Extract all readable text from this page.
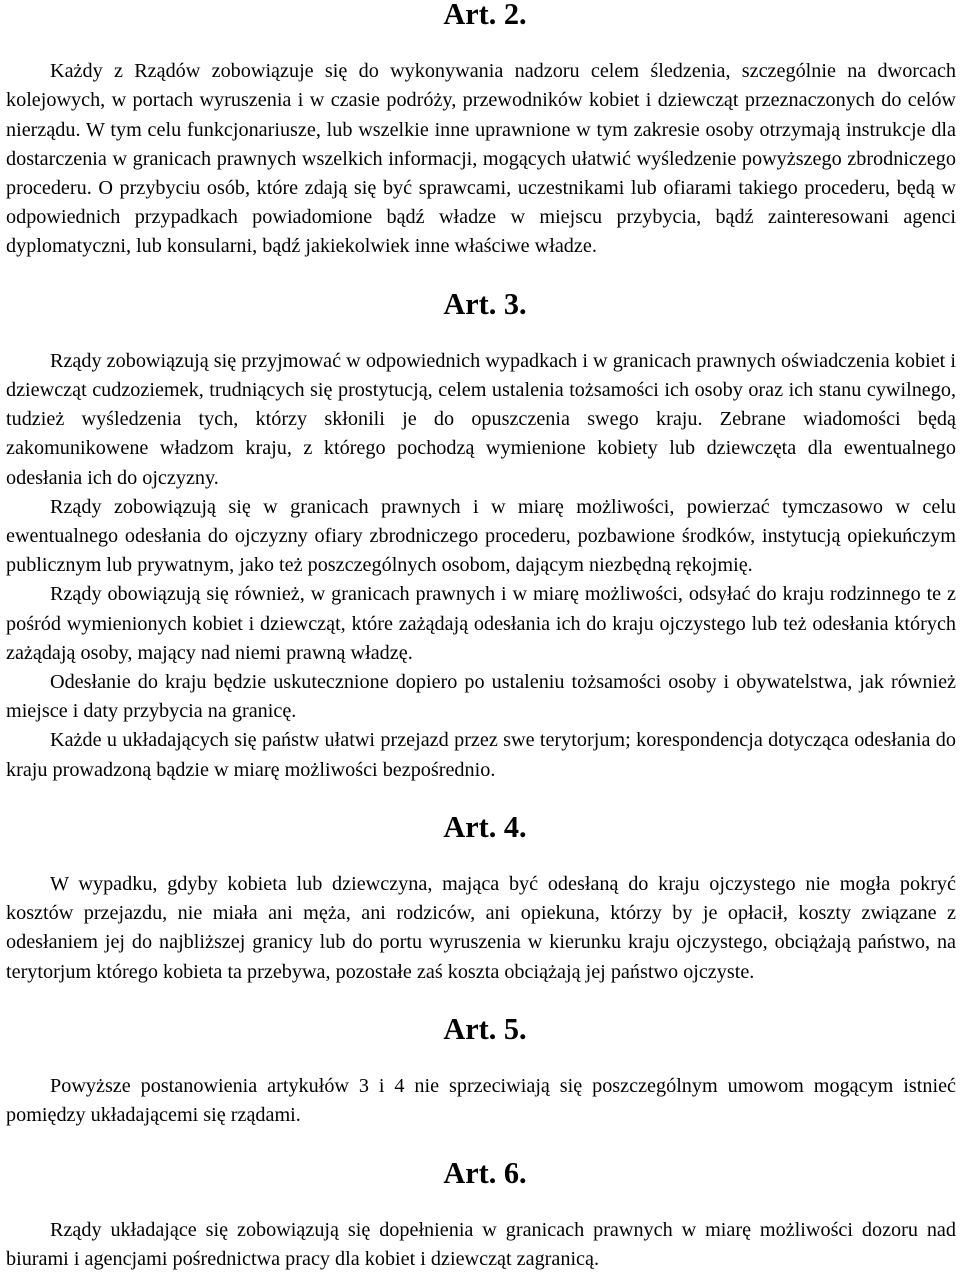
Art. 2.

Każdy z Rządów zobowiązuje się do wykonywania nadzoru celem śledzenia, szczególnie na dworcach kolejowych, w portach wyruszenia i w czasie podróży, przewodników kobiet i dziewcząt przeznaczonych do celów nierządu. W tym celu funkcjonariusze, lub wszelkie inne uprawnione w tym zakresie osoby otrzymają instrukcje dla dostarczenia w granicach prawnych wszelkich informacji, mogących ułatwić wyśledzenie powyższego zbrodniczego procederu. O przybyciu osób, które zdają się być sprawcami, uczestnikami lub ofiarami takiego procederu, będą w odpowiednich przypadkach powiadomione bądź władze w miejscu przybycia, bądź zainteresowani agenci dyplomatyczni, lub konsularni, bądź jakiekolwiek inne właściwe władze.

Art. 3.

Rządy zobowiązują się przyjmować w odpowiednich wypadkach i w granicach prawnych oświadczenia kobiet i dziewcząt cudzoziemek, trudniących się prostytucją, celem ustalenia tożsamości ich osoby oraz ich stanu cywilnego, tudzież wyśledzenia tych, którzy skłonili je do opuszczenia swego kraju. Zebrane wiadomości będą zakomunikowene władzom kraju, z którego pochodzą wymienione kobiety lub dziewczęta dla ewentualnego odesłania ich do ojczyzny.

Rządy zobowiązują się w granicach prawnych i w miarę możliwości, powierzać tymczasowo w celu ewentualnego odesłania do ojczyzny ofiary zbrodniczego procederu, pozbawione środków, instytucją opiekuńczym publicznym lub prywatnym, jako też poszczególnych osobom, dającym niezbędną rękojmię.

Rządy obowiązują się również, w granicach prawnych i w miarę możliwości, odsyłać do kraju rodzinnego te z pośród wymienionych kobiet i dziewcząt, które zażądają odesłania ich do kraju ojczystego lub też odesłania których zażądają osoby, mający nad niemi prawną władzę.

Odesłanie do kraju będzie uskutecznione dopiero po ustaleniu tożsamości osoby i obywatelstwa, jak również miejsce i daty przybycia na granicę.

Każde u układających się państw ułatwi przejazd przez swe terytorjum; korespondencja dotycząca odesłania do kraju prowadzoną bądzie w miarę możliwości bezpośrednio.

Art. 4.

W wypadku, gdyby kobieta lub dziewczyna, mająca być odesłaną do kraju ojczystego nie mogła pokryć kosztów przejazdu, nie miała ani męża, ani rodziców, ani opiekuna, którzy by je opłacił, koszty związane z odesłaniem jej do najbliższej granicy lub do portu wyruszenia w kierunku kraju ojczystego, obciążają państwo, na terytorjum którego kobieta ta przebywa, pozostałe zaś koszta obciążają jej państwo ojczyste.

Art. 5.

Powyższe postanowienia artykułów 3 i 4 nie sprzeciwiają się poszczególnym umowom mogącym istnieć pomiędzy układającemi się rządami.

Art. 6.

Rządy układające się zobowiązują się dopełnienia w granicach prawnych w miarę możliwości dozoru nad biurami i agencjami pośrednictwa pracy dla kobiet i dziewcząt zagranicą.
